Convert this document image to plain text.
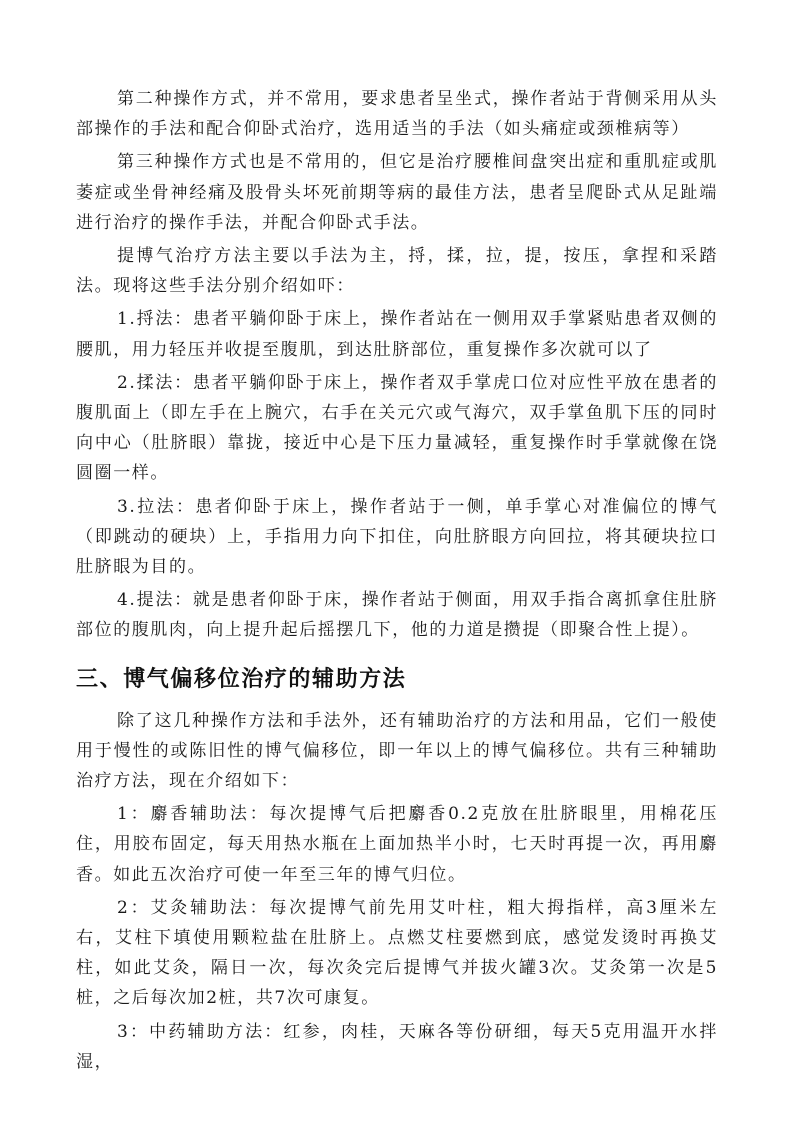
第二种操作方式，并不常用，要求患者呈坐式，操作者站于背侧采用从头部操作的手法和配合仰卧式治疗，选用适当的手法（如头痛症或颈椎病等）

第三种操作方式也是不常用的，但它是治疗腰椎间盘突出症和重肌症或肌萎症或坐骨神经痛及股骨头坏死前期等病的最佳方法，患者呈爬卧式从足趾端进行治疗的操作手法，并配合仰卧式手法。

提博气治疗方法主要以手法为主，捋，揉，拉，提，按压，拿捏和采踏法。现将这些手法分别介绍如吓：

1.捋法：患者平躺仰卧于床上，操作者站在一侧用双手掌紧贴患者双侧的腰肌，用力轻压并收提至腹肌，到达肚脐部位，重复操作多次就可以了

2.揉法：患者平躺仰卧于床上，操作者双手掌虎口位对应性平放在患者的腹肌面上（即左手在上腕穴，右手在关元穴或气海穴，双手掌鱼肌下压的同时向中心（肚脐眼）靠拢，接近中心是下压力量减轻，重复操作时手掌就像在饶圆圈一样。

3.拉法：患者仰卧于床上，操作者站于一侧，单手掌心对准偏位的博气（即跳动的硬块）上，手指用力向下扣住，向肚脐眼方向回拉，将其硬块拉口肚脐眼为目的。

4.提法：就是患者仰卧于床，操作者站于侧面，用双手指合离抓拿住肚脐部位的腹肌肉，向上提升起后摇摆几下，他的力道是攒提（即聚合性上提）。

三、博气偏移位治疗的辅助方法

除了这几种操作方法和手法外，还有辅助治疗的方法和用品，它们一般使用于慢性的或陈旧性的博气偏移位，即一年以上的博气偏移位。共有三种辅助治疗方法，现在介绍如下：

1：麝香辅助法：每次提博气后把麝香0.2克放在肚脐眼里，用棉花压住，用胶布固定，每天用热水瓶在上面加热半小时，七天时再提一次，再用麝香。如此五次治疗可使一年至三年的博气归位。

2：艾灸辅助法：每次提博气前先用艾叶柱，粗大拇指样，高3厘米左右，艾柱下填使用颗粒盐在肚脐上。点燃艾柱要燃到底，感觉发烫时再换艾柱，如此艾灸，隔日一次，每次灸完后提博气并拔火罐3次。艾灸第一次是5桩，之后每次加2桩，共7次可康复。

3：中药辅助方法：红参，肉桂，天麻各等份研细，每天5克用温开水拌湿，
